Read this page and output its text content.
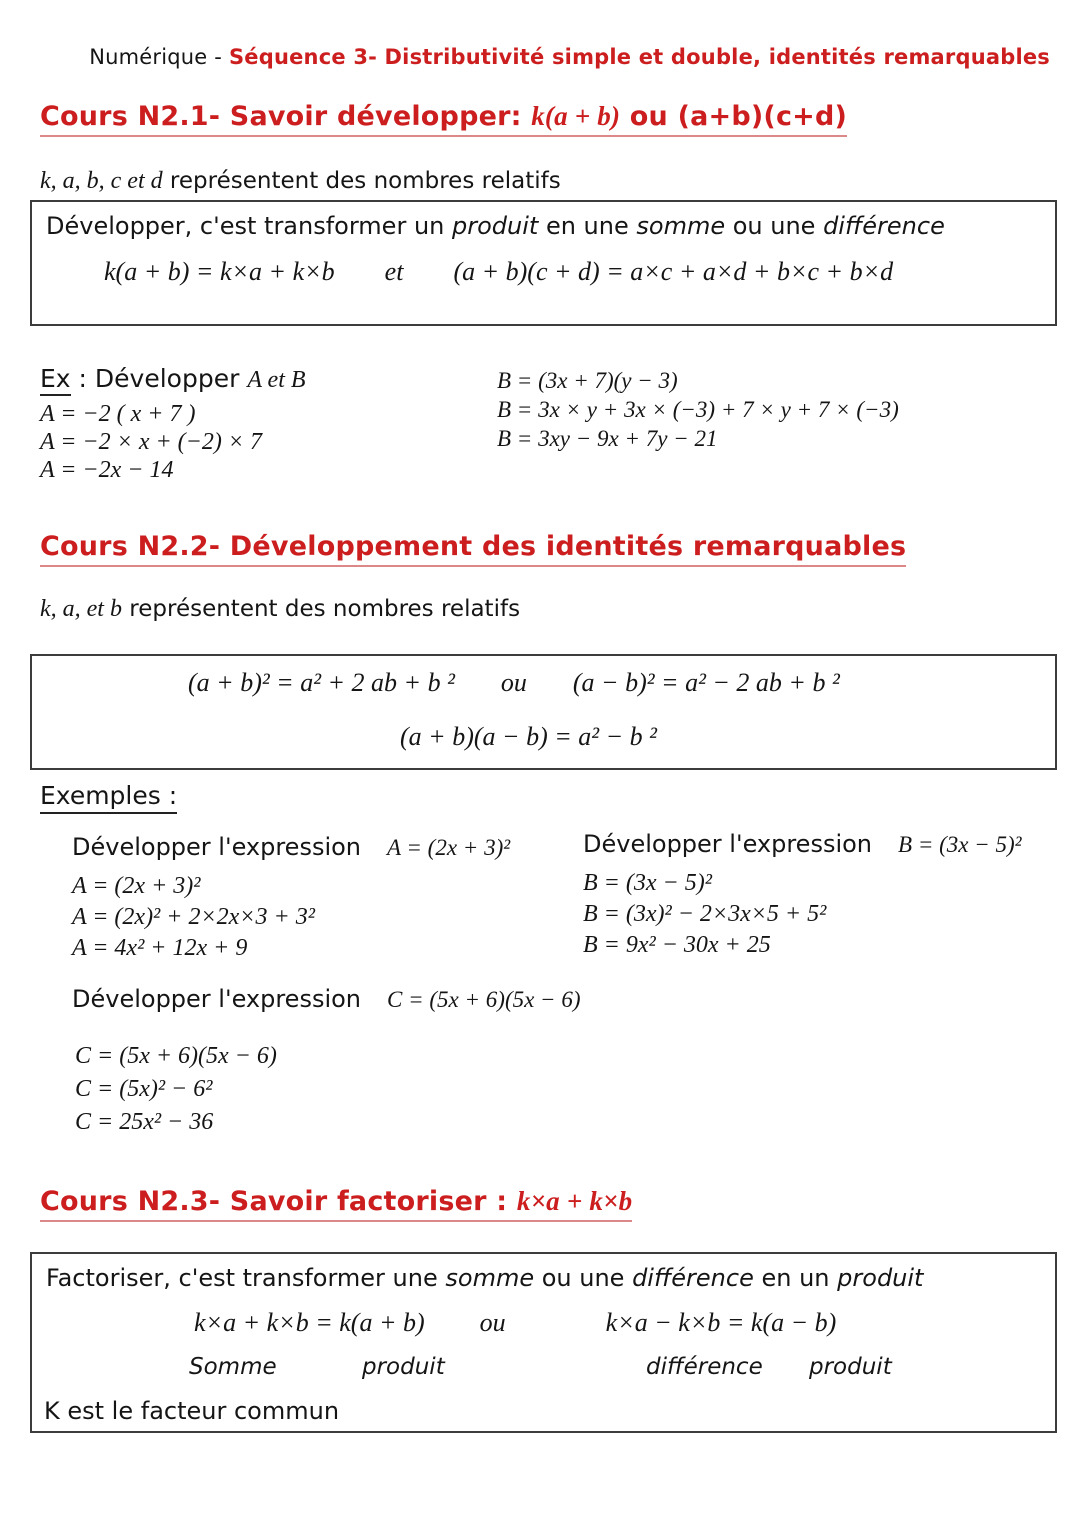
Numérique - Séquence 3- Distributivité simple et double, identités remarquables
Cours N2.1- Savoir développer: k(a + b) ou (a+b)(c+d)
k, a, b, c et d représentent des nombres relatifs

Développer, c'est transformer un produit en une somme ou une différence

k(a + b) = k×a + k×b et (a + b)(c + d) = a×c + a×d + b×c + b×d

Ex : Développer A et B

A = −2 ( x + 7 )

A = −2 × x + (−2) × 7

A = −2x − 14

B = (3x + 7)(y − 3)

B = 3x × y + 3x × (−3) + 7 × y + 7 × (−3)

B = 3xy − 9x + 7y − 21

Cours N2.2- Développement des identités remarquables
k, a, et b représentent des nombres relatifs

(a + b)² = a² + 2 ab + b ² ou (a − b)² = a² − 2 ab + b ²

(a + b)(a − b) = a² − b ²

Exemples :

Développer l'expression A = (2x + 3)²

A = (2x + 3)²

A = (2x)² + 2×2x×3 + 3²

A = 4x² + 12x + 9

Développer l'expression B = (3x − 5)²

B = (3x − 5)²

B = (3x)² − 2×3x×5 + 5²

B = 9x² − 30x + 25

Développer l'expression C = (5x + 6)(5x − 6)

C = (5x + 6)(5x − 6)

C = (5x)² − 6²

C = 25x² − 36

Cours N2.3- Savoir factoriser : k×a + k×b

Factoriser, c'est transformer une somme ou une différence en un produit

k×a + k×b = k(a + b) ou	k×a − k×b = k(a − b)

Somme	produit	différence produit

K est le facteur commun
